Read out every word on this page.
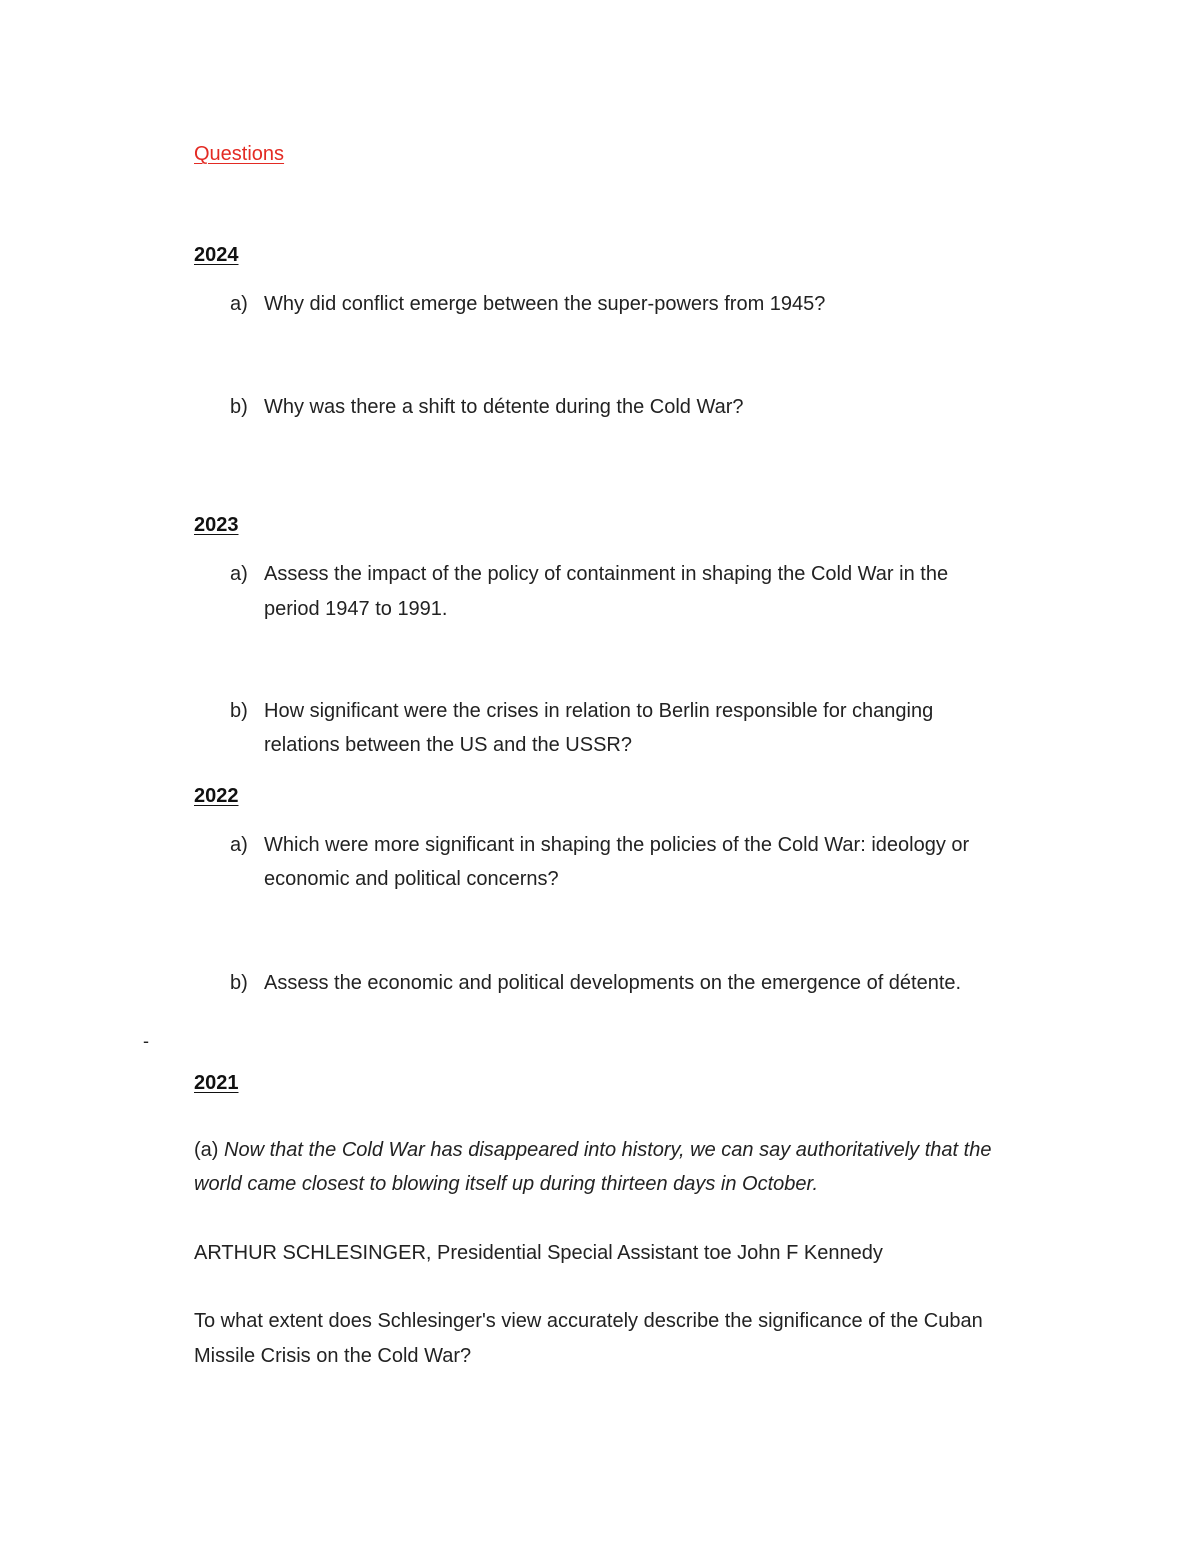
Questions
2024
a) Why did conflict emerge between the super-powers from 1945?
b) Why was there a shift to détente during the Cold War?
2023
a) Assess the impact of the policy of containment in shaping the Cold War in the
period 1947 to 1991.
b) How significant were the crises in relation to Berlin responsible for changing
relations between the US and the USSR?
2022
a) Which were more significant in shaping the policies of the Cold War: ideology or
economic and political concerns?
b) Assess the economic and political developments on the emergence of détente.
-
2021
(a) Now that the Cold War has disappeared into history, we can say authoritatively that the
world came closest to blowing itself up during thirteen days in October.
ARTHUR SCHLESINGER, Presidential Special Assistant toe John F Kennedy
To what extent does Schlesinger's view accurately describe the significance of the Cuban
Missile Crisis on the Cold War?
